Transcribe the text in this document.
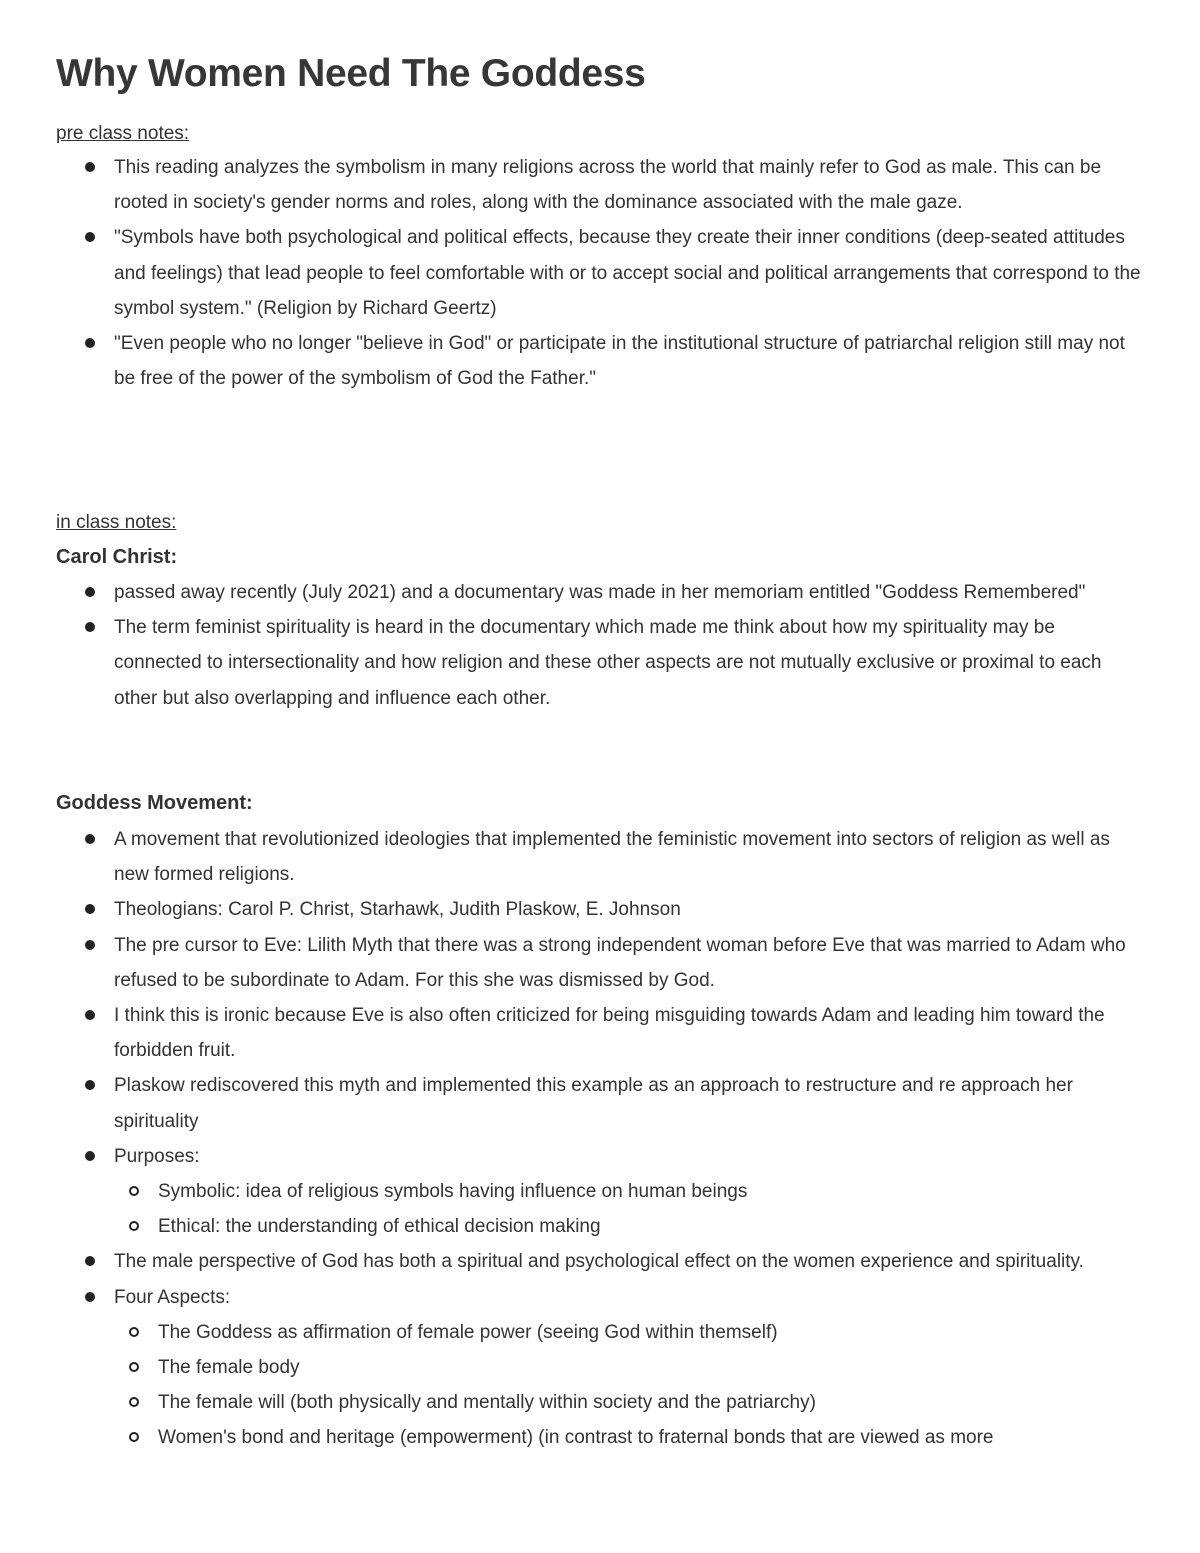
Why Women Need The Goddess
pre class notes:
This reading analyzes the symbolism in many religions across the world that mainly refer to God as male. This can be rooted in society's gender norms and roles, along with the dominance associated with the male gaze.
"Symbols have both psychological and political effects, because they create their inner conditions (deep-seated attitudes and feelings) that lead people to feel comfortable with or to accept social and political arrangements that correspond to the symbol system." (Religion by Richard Geertz)
"Even people who no longer "believe in God" or participate in the institutional structure of patriarchal religion still may not be free of the power of the symbolism of God the Father."
in class notes:
Carol Christ:
passed away recently (July 2021) and a documentary was made in her memoriam entitled "Goddess Remembered"
The term feminist spirituality is heard in the documentary which made me think about how my spirituality may be connected to intersectionality and how religion and these other aspects are not mutually exclusive or proximal to each other but also overlapping and influence each other.
Goddess Movement:
A movement that revolutionized ideologies that implemented the feministic movement into sectors of religion as well as new formed religions.
Theologians: Carol P. Christ, Starhawk, Judith Plaskow, E. Johnson
The pre cursor to Eve: Lilith Myth that there was a strong independent woman before Eve that was married to Adam who refused to be subordinate to Adam. For this she was dismissed by God.
I think this is ironic because Eve is also often criticized for being misguiding towards Adam and leading him toward the forbidden fruit.
Plaskow rediscovered this myth and implemented this example as an approach to restructure and re approach her spirituality
Purposes:
Symbolic: idea of religious symbols having influence on human beings
Ethical: the understanding of ethical decision making
The male perspective of God has both a spiritual and psychological effect on the women experience and spirituality.
Four Aspects:
The Goddess as affirmation of female power (seeing God within themself)
The female body
The female will (both physically and mentally within society and the patriarchy)
Women's bond and heritage (empowerment) (in contrast to fraternal bonds that are viewed as more
